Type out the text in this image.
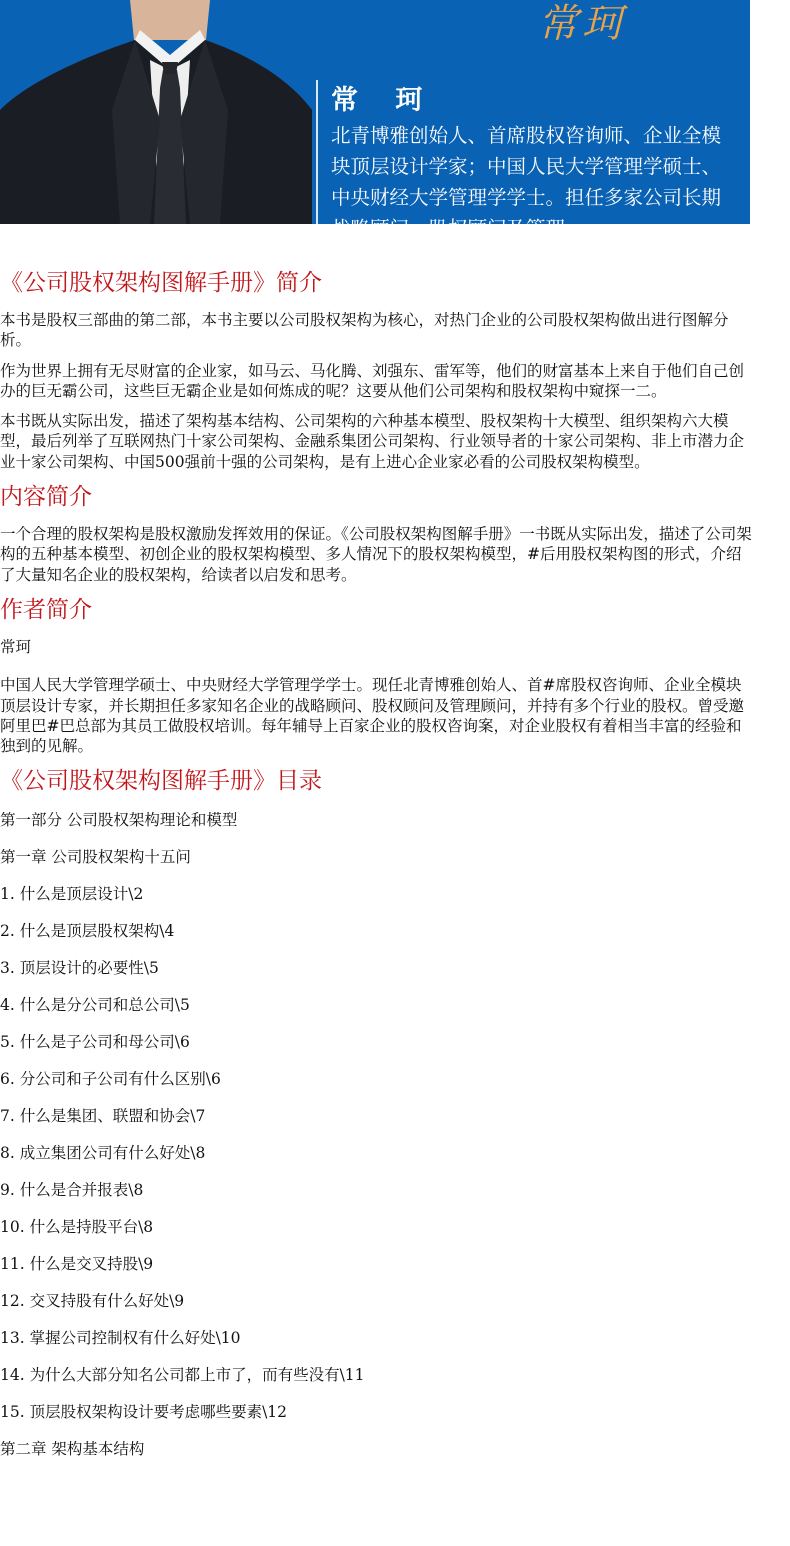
常珂
常 珂
北青博雅创始人、首席股权咨询师、企业全模块顶层设计学家；中国人民大学管理学硕士、中央财经大学管理学学士。担任多家公司长期战略顾问、股权顾问及管理
《公司股权架构图解手册》简介

本书是股权三部曲的第二部，本书主要以公司股权架构为核心，对热门企业的公司股权架构做出进行图解分析。

作为世界上拥有无尽财富的企业家，如马云、马化腾、刘强东、雷军等，他们的财富基本上来自于他们自己创办的巨无霸公司，这些巨无霸企业是如何炼成的呢？这要从他们公司架构和股权架构中窥探一二。

本书既从实际出发，描述了架构基本结构、公司架构的六种基本模型、股权架构十大模型、组织架构六大模型，最后列举了互联网热门十家公司架构、金融系集团公司架构、行业领导者的十家公司架构、非上市潜力企业十家公司架构、中国500强前十强的公司架构，是有上进心企业家必看的公司股权架构模型。

内容简介

一个合理的股权架构是股权激励发挥效用的保证。《公司股权架构图解手册》一书既从实际出发，描述了公司架构的五种基本模型、初创企业的股权架构模型、多人情况下的股权架构模型，#后用股权架构图的形式，介绍了大量知名企业的股权架构，给读者以启发和思考。

作者简介

常珂

中国人民大学管理学硕士、中央财经大学管理学学士。现任北青博雅创始人、首#席股权咨询师、企业全模块顶层设计专家，并长期担任多家知名企业的战略顾问、股权顾问及管理顾问，并持有多个行业的股权。曾受邀阿里巴#巴总部为其员工做股权培训。每年辅导上百家企业的股权咨询案，对企业股权有着相当丰富的经验和独到的见解。

《公司股权架构图解手册》目录
第一部分 公司股权架构理论和模型
第一章 公司股权架构十五问
1. 什么是顶层设计\2
2. 什么是顶层股权架构\4
3. 顶层设计的必要性\5
4. 什么是分公司和总公司\5
5. 什么是子公司和母公司\6
6. 分公司和子公司有什么区别\6
7. 什么是集团、联盟和协会\7
8. 成立集团公司有什么好处\8
9. 什么是合并报表\8
10. 什么是持股平台\8
11. 什么是交叉持股\9
12. 交叉持股有什么好处\9
13. 掌握公司控制权有什么好处\10
14. 为什么大部分知名公司都上市了，而有些没有\11
15. 顶层股权架构设计要考虑哪些要素\12
第二章 架构基本结构
